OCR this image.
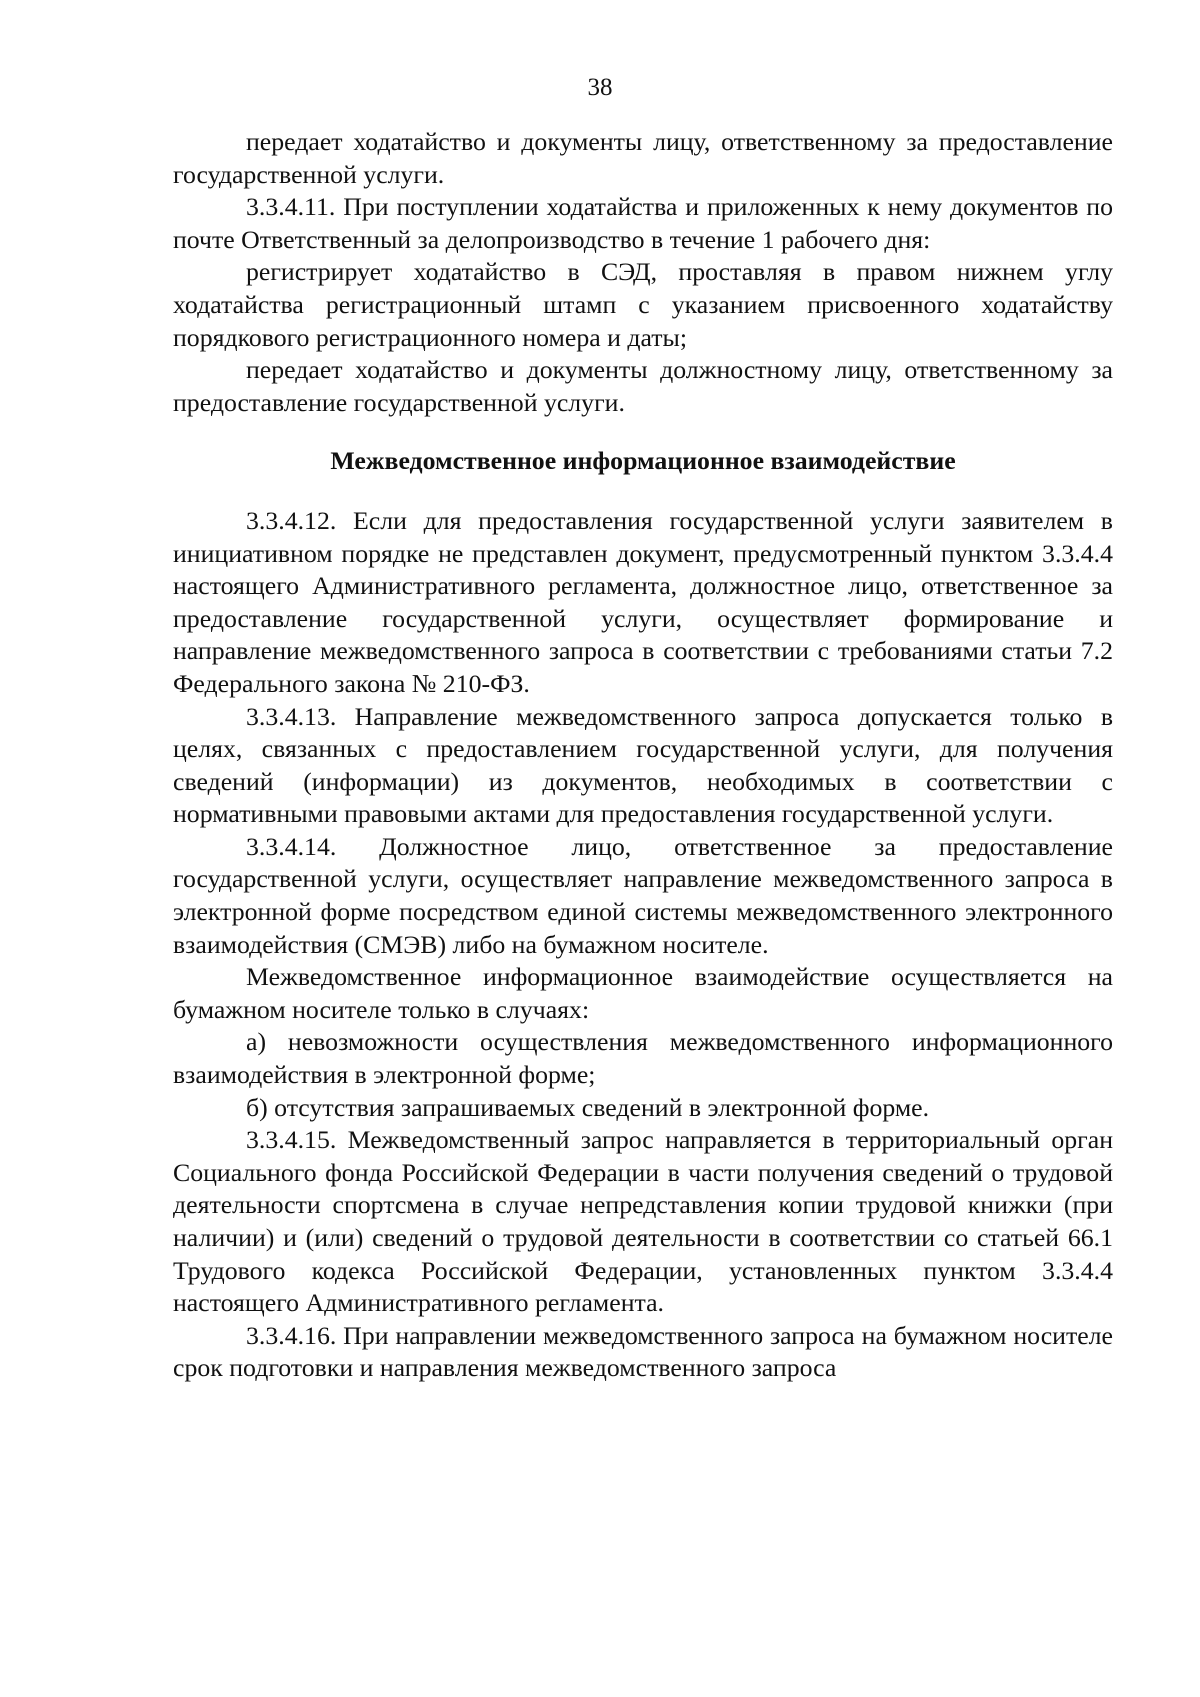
38

передает ходатайство и документы лицу, ответственному за предоставление государственной услуги.

3.3.4.11. При поступлении ходатайства и приложенных к нему документов по почте Ответственный за делопроизводство в течение 1 рабочего дня:

регистрирует ходатайство в СЭД, проставляя в правом нижнем углу ходатайства регистрационный штамп с указанием присвоенного ходатайству порядкового регистрационного номера и даты;

передает ходатайство и документы должностному лицу, ответственному за предоставление государственной услуги.

Межведомственное информационное взаимодействие

3.3.4.12. Если для предоставления государственной услуги заявителем в инициативном порядке не представлен документ, предусмотренный пунктом 3.3.4.4 настоящего Административного регламента, должностное лицо, ответственное за предоставление государственной услуги, осуществляет формирование и направление межведомственного запроса в соответствии с требованиями статьи 7.2 Федерального закона № 210-ФЗ.

3.3.4.13. Направление межведомственного запроса допускается только в целях, связанных с предоставлением государственной услуги, для получения сведений (информации) из документов, необходимых в соответствии с нормативными правовыми актами для предоставления государственной услуги.

3.3.4.14. Должностное лицо, ответственное за предоставление государственной услуги, осуществляет направление межведомственного запроса в электронной форме посредством единой системы межведомственного электронного взаимодействия (СМЭВ) либо на бумажном носителе.

Межведомственное информационное взаимодействие осуществляется на бумажном носителе только в случаях:

а) невозможности осуществления межведомственного информационного взаимодействия в электронной форме;

б) отсутствия запрашиваемых сведений в электронной форме.

3.3.4.15. Межведомственный запрос направляется в территориальный орган Социального фонда Российской Федерации в части получения сведений о трудовой деятельности спортсмена в случае непредставления копии трудовой книжки (при наличии) и (или) сведений о трудовой деятельности в соответствии со статьей 66.1 Трудового кодекса Российской Федерации, установленных пунктом 3.3.4.4 настоящего Административного регламента.

3.3.4.16. При направлении межведомственного запроса на бумажном носителе срок подготовки и направления межведомственного запроса
